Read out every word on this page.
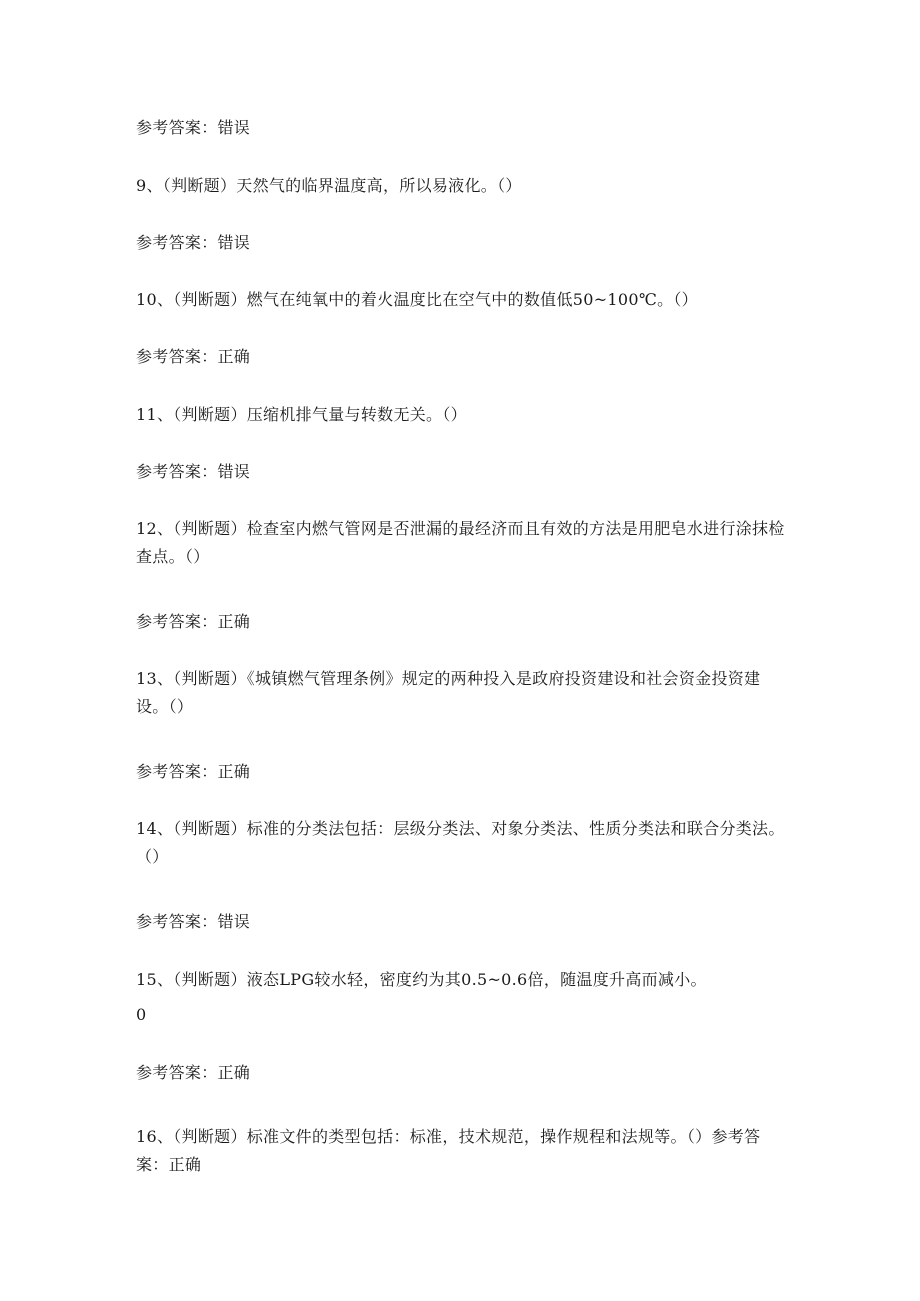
参考答案：错误
9、（判断题）天然气的临界温度高，所以易液化。（）
参考答案：错误
10、（判断题）燃气在纯氧中的着火温度比在空气中的数值低50~100℃。（）
参考答案：正确
11、（判断题）压缩机排气量与转数无关。（）
参考答案：错误
12、（判断题）检查室内燃气管网是否泄漏的最经济而且有效的方法是用肥皂水进行涂抹检查点。（）
参考答案：正确
13、（判断题）《城镇燃气管理条例》规定的两种投入是政府投资建设和社会资金投资建设。（）
参考答案：正确
14、（判断题）标准的分类法包括：层级分类法、对象分类法、性质分类法和联合分类法。（）
参考答案：错误
15、（判断题）液态LPG较水轻，密度约为其0.5~0.6倍，随温度升高而减小。
0
参考答案：正确
16、（判断题）标准文件的类型包括：标准，技术规范，操作规程和法规等。（）参考答案：正确
